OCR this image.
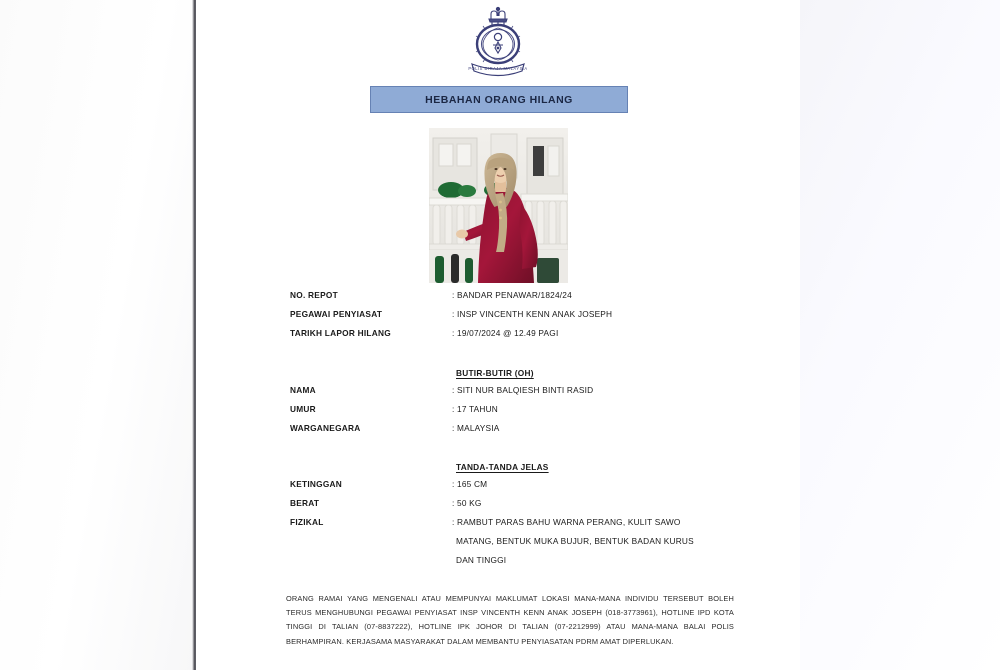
POLIS DIRAJA MALAYSIA
HEBAHAN ORANG HILANG
NO. REPOT	: BANDAR PENAWAR/1824/24
PEGAWAI PENYIASAT	: INSP VINCENTH KENN ANAK JOSEPH
TARIKH LAPOR HILANG	: 19/07/2024 @ 12.49 PAGI
BUTIR-BUTIR (OH)
NAMA	: SITI NUR BALQIESH BINTI RASID
UMUR	: 17 TAHUN
WARGANEGARA	: MALAYSIA
TANDA-TANDA JELAS
KETINGGAN	: 165 CM
BERAT	: 50 KG
FIZIKAL	: RAMBUT PARAS BAHU WARNA PERANG, KULIT SAWO
MATANG, BENTUK MUKA BUJUR, BENTUK BADAN KURUS
DAN TINGGI
ORANG RAMAI YANG MENGENALI ATAU MEMPUNYAI MAKLUMAT LOKASI MANA-MANA INDIVIDU TERSEBUT BOLEH TERUS MENGHUBUNGI PEGAWAI PENYIASAT INSP VINCENTH KENN ANAK JOSEPH (018-3773961), HOTLINE IPD KOTA TINGGI DI TALIAN (07-8837222), HOTLINE IPK JOHOR DI TALIAN (07-2212999) ATAU MANA-MANA BALAI POLIS BERHAMPIRAN. KERJASAMA MASYARAKAT DALAM MEMBANTU PENYIASATAN PDRM AMAT DIPERLUKAN.
